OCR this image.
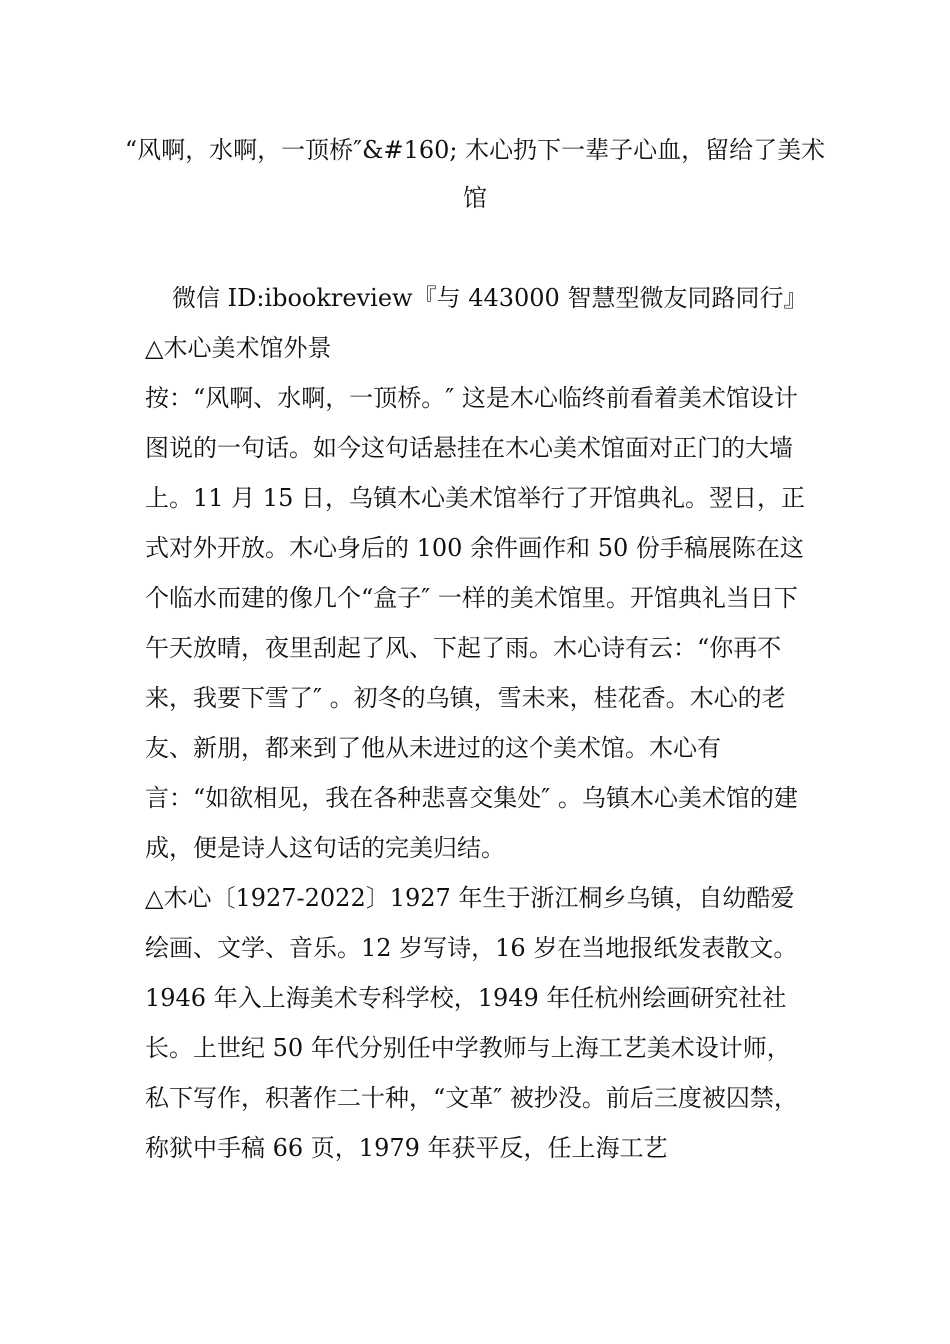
“风啊，水啊，一顶桥″&#160; 木心扔下一辈子心血，留给了美术馆

微信 ID:ibookreview『与 443000 智慧型微友同路同行』

△木心美术馆外景

按：“风啊、水啊，一顶桥。″ 这是木心临终前看着美术馆设计图说的一句话。如今这句话悬挂在木心美术馆面对正门的大墙上。11 月 15 日，乌镇木心美术馆举行了开馆典礼。翌日，正式对外开放。木心身后的 100 余件画作和 50 份手稿展陈在这个临水而建的像几个“盒子″ 一样的美术馆里。开馆典礼当日下午天放晴，夜里刮起了风、下起了雨。木心诗有云：“你再不来，我要下雪了″ 。初冬的乌镇，雪未来，桂花香。木心的老友、新朋，都来到了他从未进过的这个美术馆。木心有言：“如欲相见，我在各种悲喜交集处″ 。乌镇木心美术馆的建成，便是诗人这句话的完美归结。

△木心〔1927-2022〕1927 年生于浙江桐乡乌镇，自幼酷爱绘画、文学、音乐。12 岁写诗，16 岁在当地报纸发表散文。1946 年入上海美术专科学校，1949 年任杭州绘画研究社社长。上世纪 50 年代分别任中学教师与上海工艺美术设计师，私下写作，积著作二十种，“文革″ 被抄没。前后三度被囚禁，称狱中手稿 66 页，1979 年获平反，任上海工艺
